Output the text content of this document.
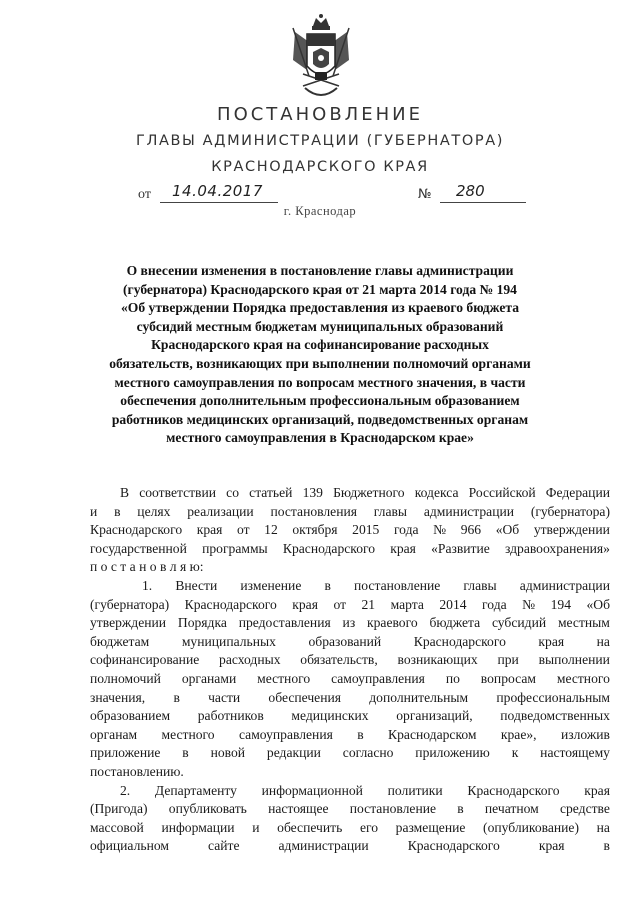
ПОСТАНОВЛЕНИЕ
ГЛАВЫ АДМИНИСТРАЦИИ (ГУБЕРНАТОРА)
КРАСНОДАРСКОГО КРАЯ
от 14.04.2017	№ 280
г. Краснодар
О внесении изменения в постановление главы администрации
(губернатора) Краснодарского края от 21 марта 2014 года № 194
«Об утверждении Порядка предоставления из краевого бюджета
субсидий местным бюджетам муниципальных образований
Краснодарского края на софинансирование расходных
обязательств, возникающих при выполнении полномочий органами
местного самоуправления по вопросам местного значения, в части
обеспечения дополнительным профессиональным образованием
работников медицинских организаций, подведомственных органам
местного самоуправления в Краснодарском крае»
В соответствии со статьей 139 Бюджетного кодекса Российской Федерации
и в целях реализации постановления главы администрации (губернатора)
Краснодарского края от 12 октября 2015 года № 966 «Об утверждении
государственной программы Краснодарского края «Развитие здравоохранения»
п о с т а н о в л я ю:
1. Внести изменение в постановление главы администрации
(губернатора) Краснодарского края от 21 марта 2014 года № 194 «Об
утверждении Порядка предоставления из краевого бюджета субсидий местным
бюджетам муниципальных образований Краснодарского края на
софинансирование расходных обязательств, возникающих при выполнении
полномочий органами местного самоуправления по вопросам местного
значения, в части обеспечения дополнительным профессиональным
образованием работников медицинских организаций, подведомственных
органам местного самоуправления в Краснодарском крае», изложив
приложение в новой редакции согласно приложению к настоящему
постановлению.
2. Департаменту информационной политики Краснодарского края
(Пригода) опубликовать настоящее постановление в печатном средстве
массовой информации и обеспечить его размещение (опубликование) на
официальном	сайте	администрации	Краснодарского	края	в
